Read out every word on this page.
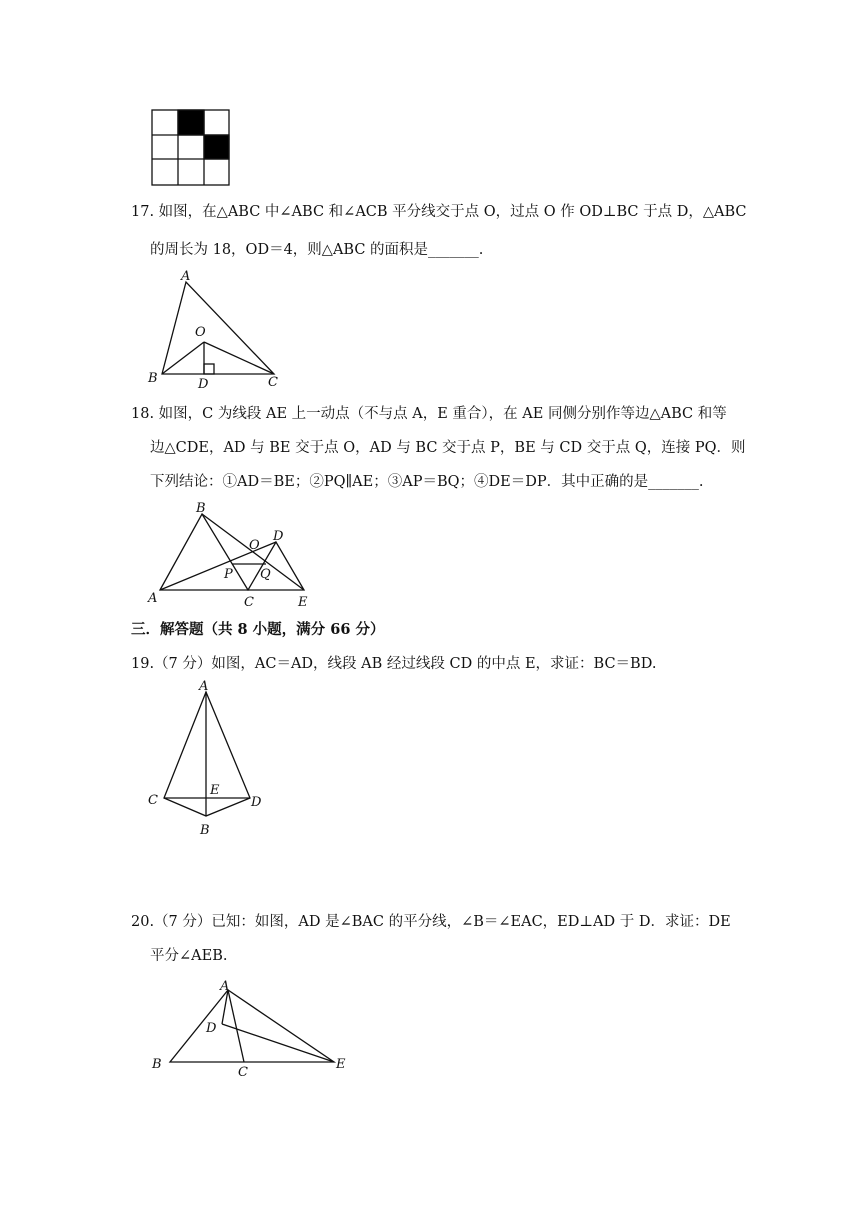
17. 如图，在△ABC 中∠ABC 和∠ACB 平分线交于点 O，过点 O 作 OD⊥BC 于点 D，△ABC
的周长为 18，OD＝4，则△ABC 的面积是_______.
A
O
B	D	C
18. 如图，C 为线段 AE 上一动点（不与点 A，E 重合），在 AE 同侧分别作等边△ABC 和等
边△CDE，AD 与 BE 交于点 O，AD 与 BC 交于点 P，BE 与 CD 交于点 Q，连接 PQ．则
下列结论：①AD＝BE；②PQ∥AE；③AP＝BQ；④DE＝DP．其中正确的是_______.
B
O
D
P Q
A	C	E
三．解答题（共 8 小题，满分 66 分）
19.（7 分）如图，AC＝AD，线段 AB 经过线段 CD 的中点 E，求证：BC＝BD.
A
E
C	D
B
20.（7 分）已知：如图，AD 是∠BAC 的平分线，∠B＝∠EAC，ED⊥AD 于 D．求证：DE
平分∠AEB.
A
D
B
C
E
